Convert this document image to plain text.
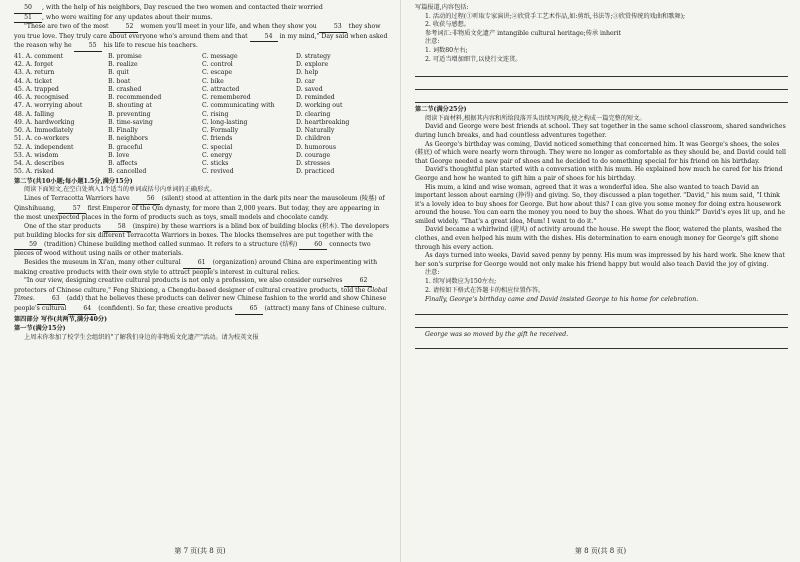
50 , with the help of his neighbors, Day rescued the two women and contacted their worried

51 , who were waiting for any updates about their mums.

"These are two of the most 52 women you'll meet in your life, and when they show you 53 they show you true love. They truly care about everyone who's around them and that 54 in my mind," Day said when asked the reason why he 55 his life to rescue his teachers.

41. A. comment	B. promise	C. message	D. strategy
42. A. forget	B. realize	C. control	D. explore
43. A. return	B. quit	C. escape	D. help
44. A. ticket	B. boat	C. bike	D. car
45. A. trapped	B. crashed	C. attracted	D. saved
46. A. recognised	B. recommended	C. remembered	D. reminded
47. A. worrying about	B. shouting at	C. communicating with	D. working out
48. A. falling	B. preventing	C. rising	D. clearing
49. A. hardworking	B. time-saving	C. long-lasting	D. heartbreaking
50. A. Immediately	B. Finally	C. Formally	D. Naturally
51. A. co-workers	B. neighbors	C. friends	D. children
52. A. independent	B. graceful	C. special	D. humorous
53. A. wisdom	B. love	C. energy	D. courage
54. A. describes	B. affects	C. sticks	D. stresses
55. A. risked	B. cancelled	C. revived	D. practiced

第二节(共10小题;每小题1.5分,满分15分)

阅读下面短文,在空白处填入1个适当的单词或括号内单词的正确形式。

Lines of Terracotta Warriors have 56 (silent) stood at attention in the dark pits near the mausoleum (陵墓) of Qinshihuang, 57 first Emperor of the Qin dynasty, for more than 2,000 years. But today, they are appearing in the most unexpected places in the form of products such as toys, small models and chocolate candy.

One of the star products 58 (inspire) by these warriors is a blind box of building blocks (积木). The developers put building blocks for six different Terracotta Warriors in boxes. The blocks themselves are put together with the 59 (tradition) Chinese building method called sunmao. It refers to a structure (结构) 60 connects two pieces of wood without using nails or other materials.

Besides the museum in Xi'an, many other cultural 61 (organization) around China are experimenting with making creative products with their own style to attract people's interest in cultural relics.

"In our view, designing creative cultural products is not only a profession, we also consider ourselves 62 protectors of Chinese culture," Feng Shixiong, a Chengdu-based designer of cultural creative products, told the Global Times. 63 (add) that he believes these products can deliver new Chinese fashion to the world and show Chinese people's cultural 64 (confident). So far, these creative products 65 (attract) many fans of Chinese culture.

第四部分 写作(共两节,满分40分)

第一节(满分15分)

上周末你参加了校学生会组织的"了解我们身边的非物质文化遗产"活动。请为校英文报

第 7 页(共 8 页)

写篇报道,内容包括:

1. 活动的过程(①听取专家演讲;②欣赏手工艺术作品,如:剪纸,书法等;③欣赏传统的戏曲和歌舞);

2. 收获与感想。

参考词汇:非物质文化遗产 intangible cultural heritage;传承 inherit

注意:

1. 词数80左右;

2. 可适当增加细节,以使行文连贯。

第二节(满分25分)

阅读下面材料,根据其内容和所给段落开头语续写两段,使之构成一篇完整的短文。

David and George were best friends at school. They sat together in the same school classroom, shared sandwiches during lunch breaks, and had countless adventures together.

As George's birthday was coming, David noticed something that concerned him. It was George's shoes, the soles (鞋底) of which were nearly worn through. They were no longer as comfortable as they should be, and David could tell that George needed a new pair of shoes and he decided to do something special for his friend on his birthday.

David's thoughtful plan started with a conversation with his mum. He explained how much he cared for his friend George and how he wanted to gift him a pair of shoes for his birthday.

His mum, a kind and wise woman, agreed that it was a wonderful idea. She also wanted to teach David an important lesson about earning (挣得) and giving. So, they discussed a plan together. "David," his mum said, "I think it's a lovely idea to buy shoes for George. But how about this? I can give you some money for doing extra housework around the house. You can earn the money you need to buy the shoes. What do you think?" David's eyes lit up, and he smiled widely. "That's a great idea, Mum! I want to do it."

David became a whirlwind (旋风) of activity around the house. He swept the floor, watered the plants, washed the clothes, and even helped his mum with the dishes. His determination to earn enough money for George's gift shone through his every action.

As days turned into weeks, David saved penny by penny. His mum was impressed by his hard work. She knew that her son's surprise for George would not only make his friend happy but would also teach David the joy of giving.

注意:

1. 续写词数应为150左右;

2. 请按如下格式在答题卡的相应位置作答。

Finally, George's birthday came and David insisted George to his home for celebration.

George was so moved by the gift he received.

第 8 页(共 8 页)
